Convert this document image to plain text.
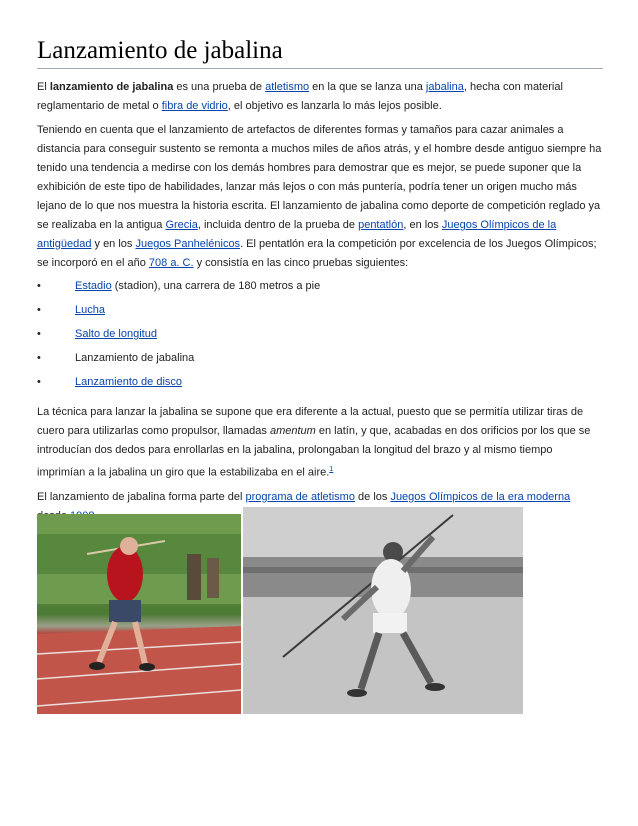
Lanzamiento de jabalina

El lanzamiento de jabalina es una prueba de atletismo en la que se lanza una jabalina, hecha con material reglamentario de metal o fibra de vidrio, el objetivo es lanzarla lo más lejos posible.

Teniendo en cuenta que el lanzamiento de artefactos de diferentes formas y tamaños para cazar animales a distancia para conseguir sustento se remonta a muchos miles de años atrás, y el hombre desde antiguo siempre ha tenido una tendencia a medirse con los demás hombres para demostrar que es mejor, se puede suponer que la exhibición de este tipo de habilidades, lanzar más lejos o con más puntería, podría tener un origen mucho más lejano de lo que nos muestra la historia escrita. El lanzamiento de jabalina como deporte de competición reglado ya se realizaba en la antigua Grecia, incluida dentro de la prueba de pentatlón, en los Juegos Olímpicos de la antigüedad y en los Juegos Panhelénicos. El pentatlón era la competición por excelencia de los Juegos Olímpicos; se incorporó en el año 708 a. C. y consistía en las cinco pruebas siguientes:

•	Estadio (stadion), una carrera de 180 metros a pie
•	Lucha
•	Salto de longitud
•	Lanzamiento de jabalina
•	Lanzamiento de disco

La técnica para lanzar la jabalina se supone que era diferente a la actual, puesto que se permitía utilizar tiras de cuero para utilizarlas como propulsor, llamadas amentum en latín, y que, acabadas en dos orificios por los que se introducían dos dedos para enrollarlas en la jabalina, prolongaban la longitud del brazo y al mismo tiempo imprimían a la jabalina un giro que la estabilizaba en el aire.$^1$

El lanzamiento de jabalina forma parte del programa de atletismo de los Juegos Olímpicos de la era moderna
